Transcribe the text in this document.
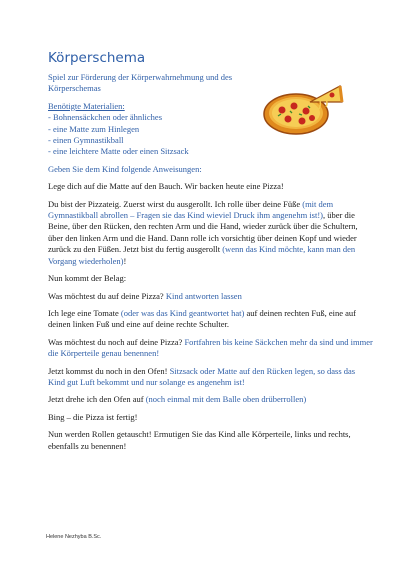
Körperschema

Spiel zur Förderung der Körperwahrnehmung und des Körperschemas

Benötigte Materialien:
- Bohnensäckchen oder ähnliches
- eine Matte zum Hinlegen
- einen Gymnastikball
- eine leichtere Matte oder einen Sitzsack

Geben Sie dem Kind folgende Anweisungen:

Lege dich auf die Matte auf den Bauch. Wir backen heute eine Pizza!

Du bist der Pizzateig. Zuerst wirst du ausgerollt. Ich rolle über deine Füße (mit dem Gymnastikball abrollen – Fragen sie das Kind wieviel Druck ihm angenehm ist!), über die Beine, über den Rücken, den rechten Arm und die Hand, wieder zurück über die Schultern, über den linken Arm und die Hand. Dann rolle ich vorsichtig über deinen Kopf und wieder zurück zu den Füßen. Jetzt bist du fertig ausgerollt (wenn das Kind möchte, kann man den Vorgang wiederholen)!

Nun kommt der Belag:

Was möchtest du auf deine Pizza? Kind antworten lassen

Ich lege eine Tomate (oder was das Kind geantwortet hat) auf deinen rechten Fuß, eine auf deinen linken Fuß und eine auf deine rechte Schulter.

Was möchtest du noch auf deine Pizza? Fortfahren bis keine Säckchen mehr da sind und immer die Körperteile genau benennen!

Jetzt kommst du noch in den Ofen! Sitzsack oder Matte auf den Rücken legen, so dass das Kind gut Luft bekommt und nur solange es angenehm ist!

Jetzt drehe ich den Ofen auf (noch einmal mit dem Balle oben drüberrollen)

Bing – die Pizza ist fertig!

Nun werden Rollen getauscht! Ermutigen Sie das Kind alle Körperteile, links und rechts, ebenfalls zu benennen!

Helene Nezhyba B.Sc.
